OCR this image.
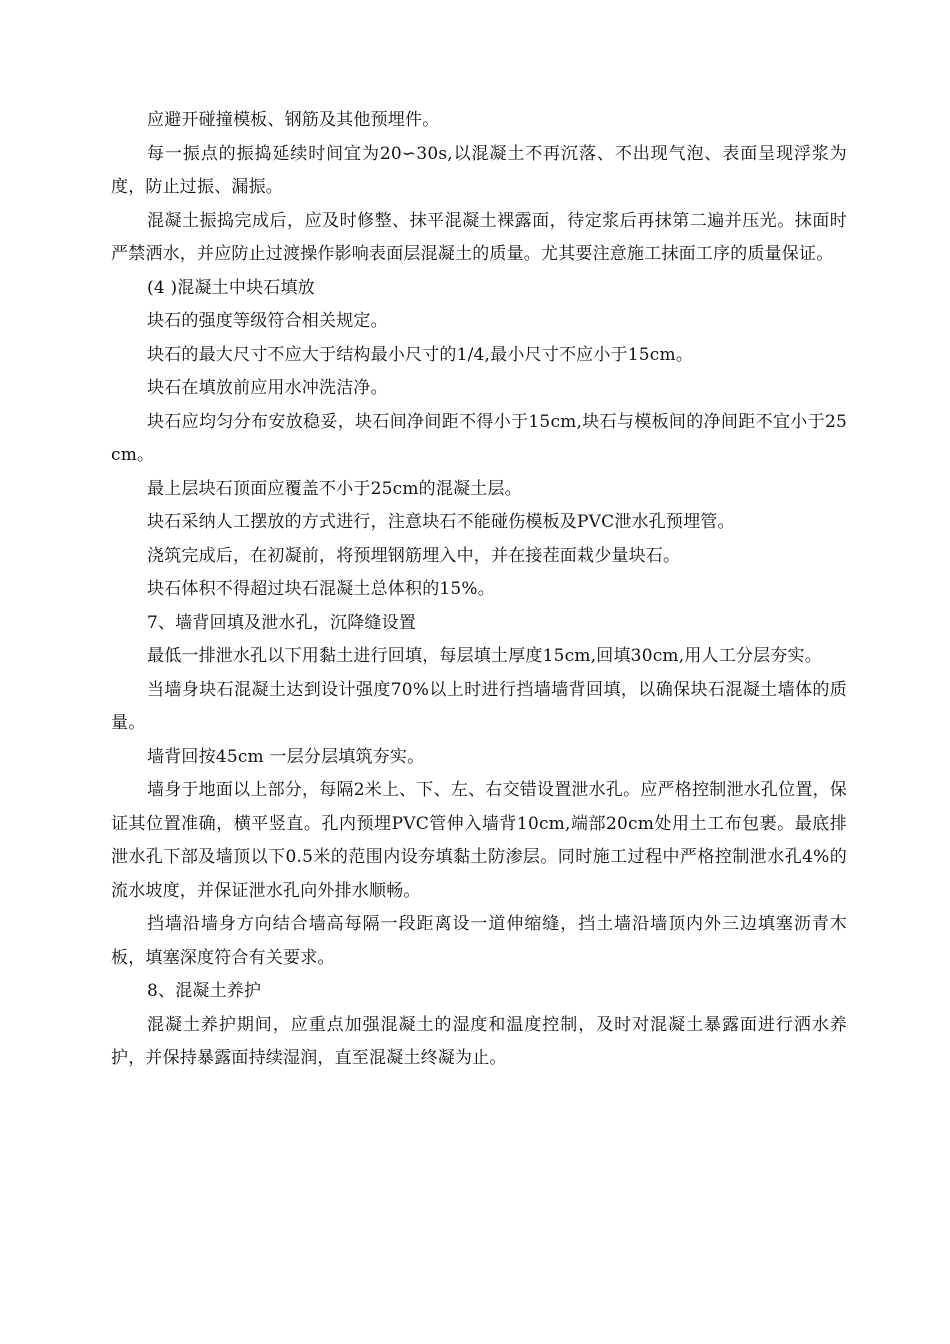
应避开碰撞模板、钢筋及其他预埋件。

每一振点的振捣延续时间宜为20∽30s,以混凝土不再沉落、不出现气泡、表面呈现浮浆为度，防止过振、漏振。

混凝土振捣完成后，应及时修整、抹平混凝土裸露面，待定浆后再抹第二遍并压光。抹面时严禁洒水，并应防止过渡操作影响表面层混凝土的质量。尤其要注意施工抹面工序的质量保证。

(4 )混凝土中块石填放

块石的强度等级符合相关规定。

块石的最大尺寸不应大于结构最小尺寸的1/4,最小尺寸不应小于15cm。

块石在填放前应用水冲洗洁净。

块石应均匀分布安放稳妥，块石间净间距不得小于15cm,块石与模板间的净间距不宜小于25cm。

最上层块石顶面应覆盖不小于25cm的混凝土层。

块石采纳人工摆放的方式进行，注意块石不能碰伤模板及PVC泄水孔预埋管。

浇筑完成后，在初凝前，将预埋钢筋埋入中，并在接茬面栽少量块石。

块石体积不得超过块石混凝土总体积的15%。

7、墙背回填及泄水孔，沉降缝设置

最低一排泄水孔以下用黏土进行回填，每层填土厚度15cm,回填30cm,用人工分层夯实。

当墙身块石混凝土达到设计强度70%以上时进行挡墙墙背回填，以确保块石混凝土墙体的质量。

墙背回按45cm 一层分层填筑夯实。

墙身于地面以上部分，每隔2米上、下、左、右交错设置泄水孔。应严格控制泄水孔位置，保证其位置准确，横平竖直。孔内预埋PVC管伸入墙背10cm,端部20cm处用土工布包裹。最底排泄水孔下部及墙顶以下0.5米的范围内设夯填黏土防渗层。同时施工过程中严格控制泄水孔4%的流水坡度，并保证泄水孔向外排水顺畅。

挡墙沿墙身方向结合墙高每隔一段距离设一道伸缩缝，挡土墙沿墙顶内外三边填塞沥青木板，填塞深度符合有关要求。

8、混凝土养护

混凝土养护期间，应重点加强混凝土的湿度和温度控制，及时对混凝土暴露面进行洒水养护，并保持暴露面持续湿润，直至混凝土终凝为止。
